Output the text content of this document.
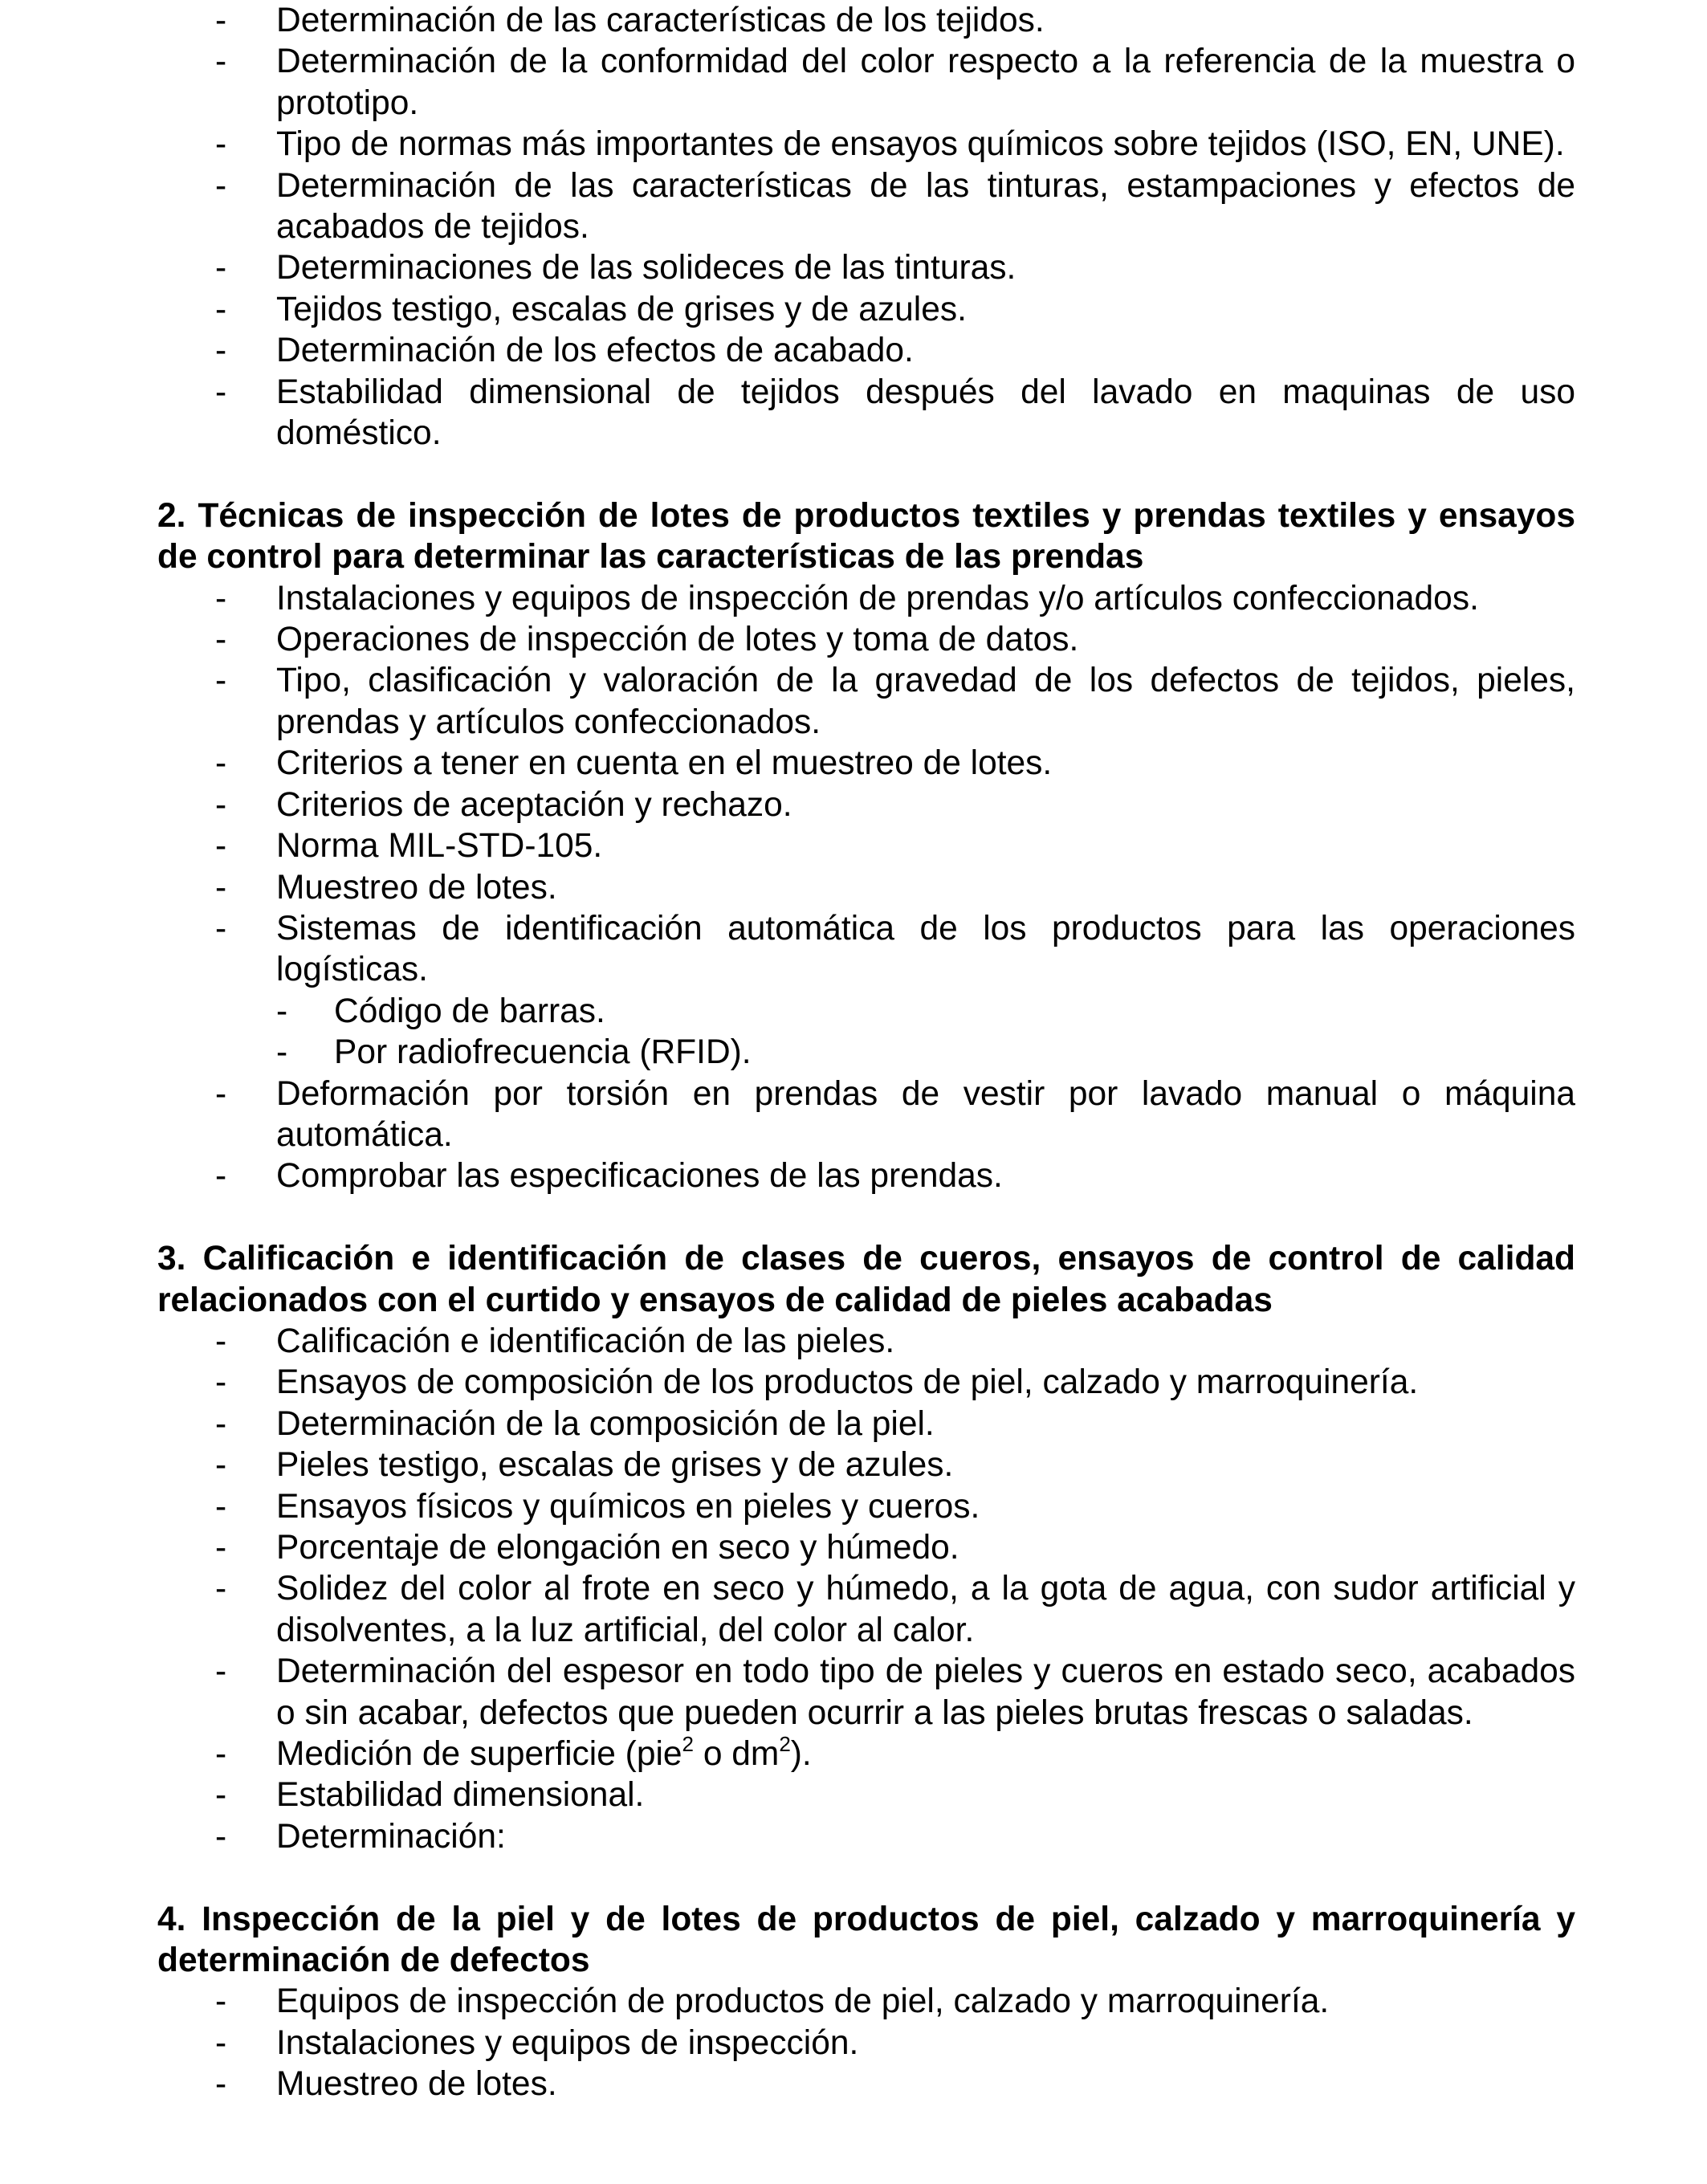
- Determinación de las características de los tejidos.
- Determinación de la conformidad del color respecto a la referencia de la muestra o prototipo.
- Tipo de normas más importantes de ensayos químicos sobre tejidos (ISO, EN, UNE).
- Determinación de las características de las tinturas, estampaciones y efectos de acabados de tejidos.
- Determinaciones de las solideces de las tinturas.
- Tejidos testigo, escalas de grises y de azules.
- Determinación de los efectos de acabado.
- Estabilidad dimensional de tejidos después del lavado en maquinas de uso doméstico.
2. Técnicas de inspección de lotes de productos textiles y prendas textiles y ensayos de control para determinar las características de las prendas
- Instalaciones y equipos de inspección de prendas y/o artículos confeccionados.
- Operaciones de inspección de lotes y toma de datos.
- Tipo, clasificación y valoración de la gravedad de los defectos de tejidos, pieles, prendas y artículos confeccionados.
- Criterios a tener en cuenta en el muestreo de lotes.
- Criterios de aceptación y rechazo.
- Norma MIL-STD-105.
- Muestreo de lotes.
- Sistemas de identificación automática de los productos para las operaciones logísticas.
- Código de barras.
- Por radiofrecuencia (RFID).
- Deformación por torsión en prendas de vestir por lavado manual o máquina automática.
- Comprobar las especificaciones de las prendas.
3. Calificación e identificación de clases de cueros, ensayos de control de calidad relacionados con el curtido y ensayos de calidad de pieles acabadas
- Calificación e identificación de las pieles.
- Ensayos de composición de los productos de piel, calzado y marroquinería.
- Determinación de la composición de la piel.
- Pieles testigo, escalas de grises y de azules.
- Ensayos físicos y químicos en pieles y cueros.
- Porcentaje de elongación en seco y húmedo.
- Solidez del color al frote en seco y húmedo, a la gota de agua, con sudor artificial y disolventes, a la luz artificial, del color al calor.
- Determinación del espesor en todo tipo de pieles y cueros en estado seco, acabados o sin acabar, defectos que pueden ocurrir a las pieles brutas frescas o saladas.
- Medición de superficie (pie$^2$ o $dm^2$).
- Estabilidad dimensional.
- Determinación:
4. Inspección de la piel y de lotes de productos de piel, calzado y marroquinería y determinación de defectos
- Equipos de inspección de productos de piel, calzado y marroquinería.
- Instalaciones y equipos de inspección.
- Muestreo de lotes.
